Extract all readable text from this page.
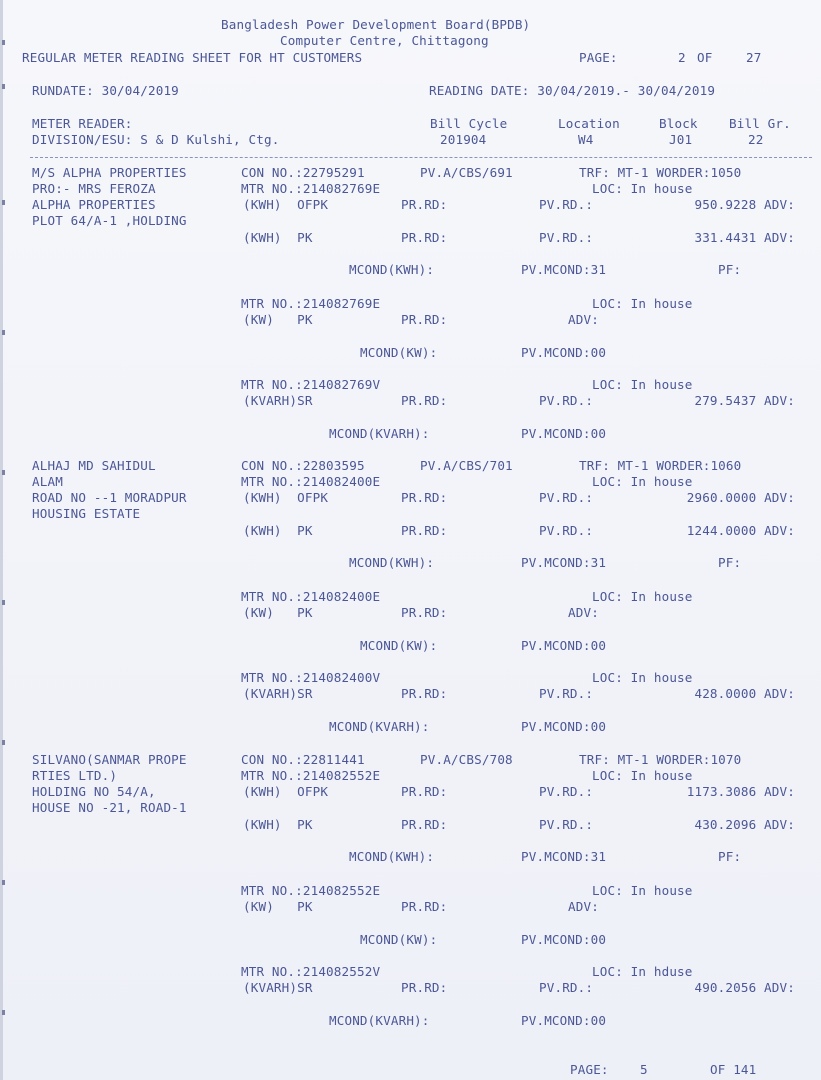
Bangladesh Power Development Board(BPDB)
Computer Centre, Chittagong
REGULAR METER READING SHEET FOR HT CUSTOMERS	PAGE:	2 OF	27
RUNDATE: 30/04/2019	READING DATE: 30/04/2019.- 30/04/2019
METER READER:	Bill Cycle	Location	Block Bill Gr.
DIVISION/ESU: S & D Kulshi, Ctg.	201904	W4	J01	22
M/S ALPHA PROPERTIES
PRO:- MRS FEROZA
ALPHA PROPERTIES
PLOT 64/A-1 ,HOLDING
CON NO.:22795291	PV.A/CBS/691	TRF: MT-1 WORDER:1050
MTR NO.:214082769E	LOC: In house
(KWH)  OFPK	PR.RD:	PV.RD.:	950.9228 ADV:
(KWH)  PK	PR.RD:	PV.RD.:	331.4431 ADV:
MCOND(KWH):	PV.MCOND:31	PF:
MTR NO.:214082769E	LOC: In house
(KW)   PK	PR.RD:	ADV:
MCOND(KW):	PV.MCOND:00
MTR NO.:214082769V	LOC: In house
(KVARH)SR	PR.RD:	PV.RD.:	279.5437 ADV:
MCOND(KVARH):	PV.MCOND:00
ALHAJ MD SAHIDUL
ALAM
ROAD NO --1 MORADPUR
HOUSING ESTATE
CON NO.:22803595	PV.A/CBS/701	TRF: MT-1 WORDER:1060
MTR NO.:214082400E	LOC: In house
(KWH)  OFPK	PR.RD:	PV.RD.:	2960.0000 ADV:
(KWH)  PK	PR.RD:	PV.RD.:	1244.0000 ADV:
MCOND(KWH):	PV.MCOND:31	PF:
MTR NO.:214082400E	LOC: In house
(KW)   PK	PR.RD:	ADV:
MCOND(KW):	PV.MCOND:00
MTR NO.:214082400V	LOC: In house
(KVARH)SR	PR.RD:	PV.RD.:	428.0000 ADV:
MCOND(KVARH):	PV.MCOND:00
SILVANO(SANMAR PROPE
RTIES LTD.)
HOLDING NO 54/A,
HOUSE NO -21, ROAD-1
CON NO.:22811441	PV.A/CBS/708	TRF: MT-1 WORDER:1070
MTR NO.:214082552E	LOC: In house
(KWH)  OFPK	PR.RD:	PV.RD.:	1173.3086 ADV:
(KWH)  PK	PR.RD:	PV.RD.:	430.2096 ADV:
MCOND(KWH):	PV.MCOND:31	PF:
MTR NO.:214082552E	LOC: In house
(KW)   PK	PR.RD:	ADV:
MCOND(KW):	PV.MCOND:00
MTR NO.:214082552V	LOC: In hduse
(KVARH)SR	PR.RD:	PV.RD.:	490.2056 ADV:
MCOND(KVARH):	PV.MCOND:00
PAGE: 5	OF 141
